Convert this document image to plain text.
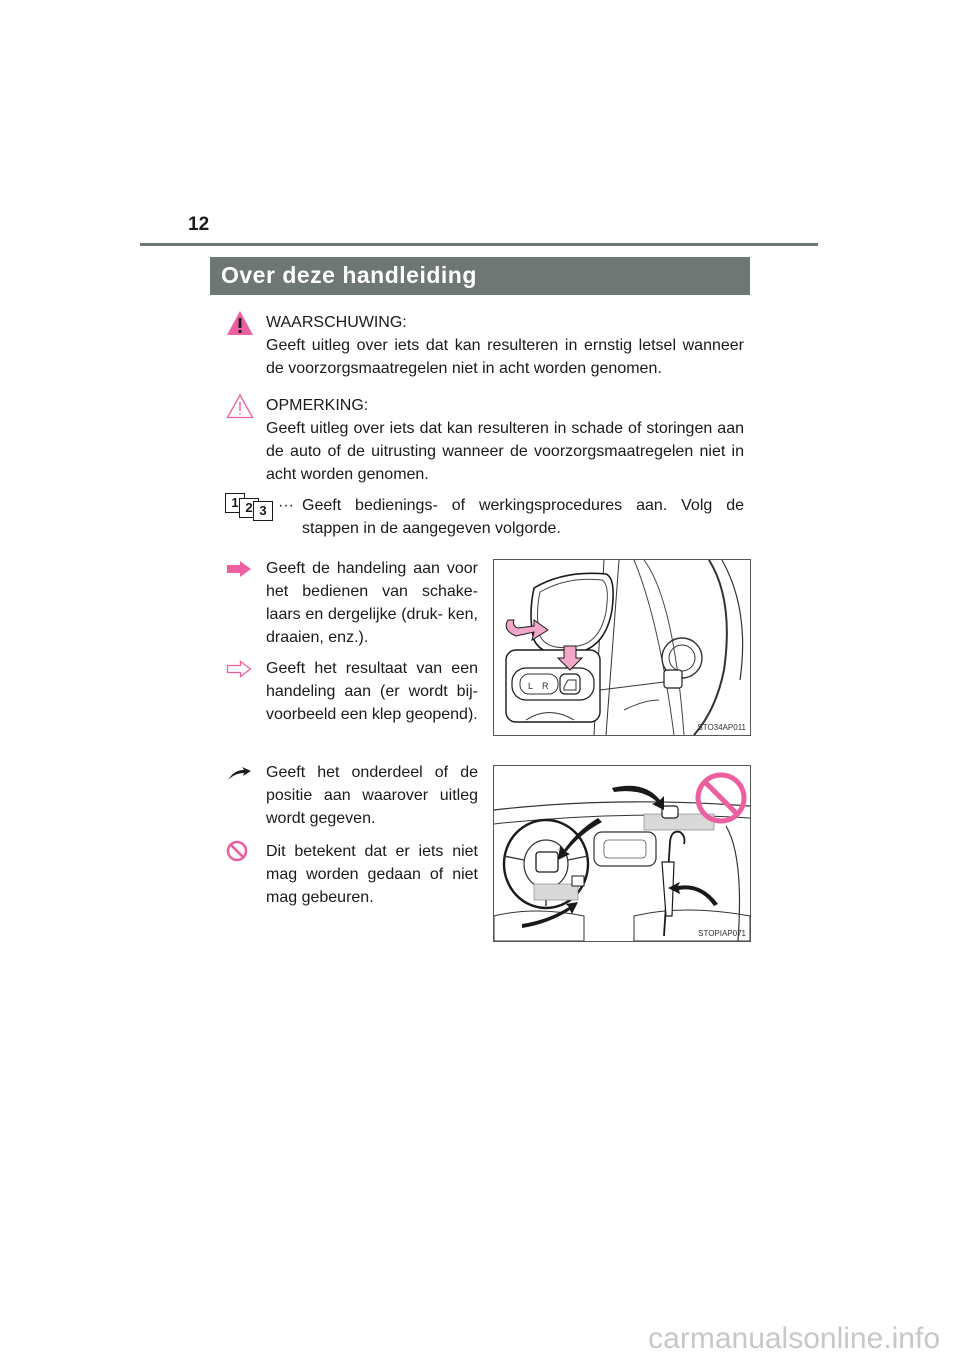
12
Over deze handleiding

WAARSCHUWING:

Geeft uitleg over iets dat kan resulteren in ernstig letsel wanneer de voorzorgsmaatregelen niet in acht worden genomen.

OPMERKING:

Geeft uitleg over iets dat kan resulteren in schade of storingen aan de auto of de uitrusting wanneer de voorzorgsmaatregelen niet in acht worden genomen.

1 2 3 ··· Geeft bedienings- of werkingsprocedures aan. Volg de stappen in de aangegeven volgorde.
Geeft de handeling aan voor het bedienen van schake- laars en dergelijke (druk- ken, draaien, enz.).
Geeft het resultaat van een handeling aan (er wordt bij- voorbeeld een klep geopend).
Geeft het onderdeel of de positie aan waarover uitleg wordt gegeven.
Dit betekent dat er iets niet mag worden gedaan of niet mag gebeuren.
L R
STO34AP011
STOPIAP071
carmanualsonline.info
